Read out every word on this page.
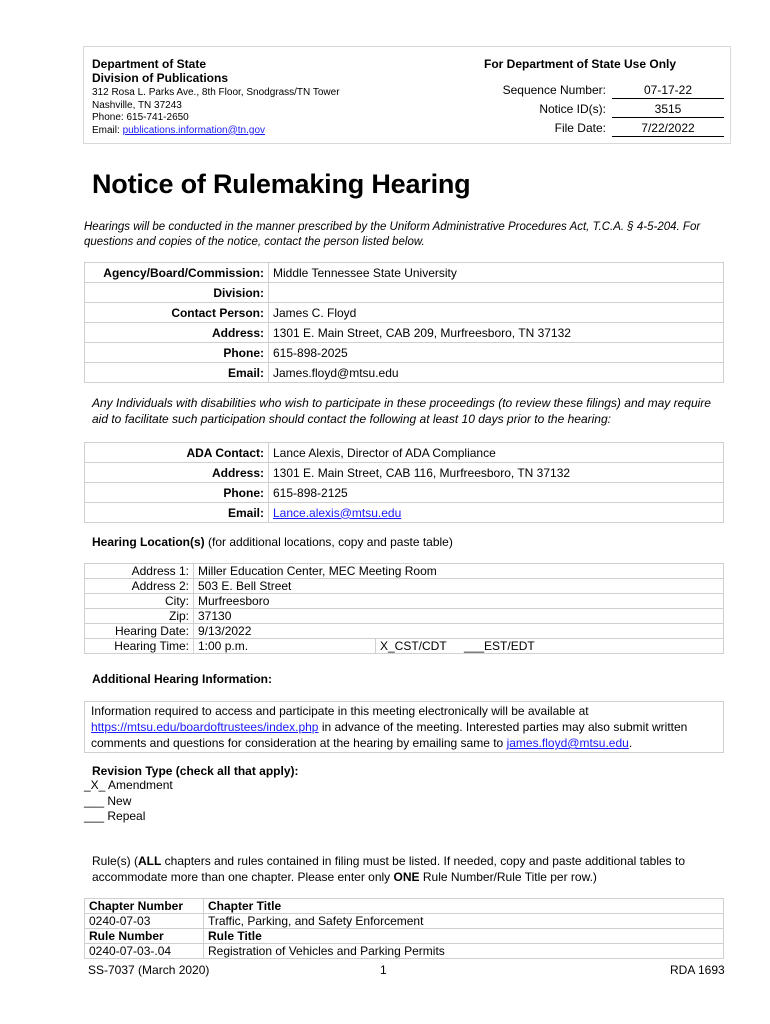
Department of State
Division of Publications
312 Rosa L. Parks Ave., 8th Floor, Snodgrass/TN Tower
Nashville, TN 37243
Phone: 615-741-2650
Email: publications.information@tn.gov
For Department of State Use Only
Sequence Number:	07-17-22
Notice ID(s):	3515
File Date:	7/22/2022
Notice of Rulemaking Hearing
Hearings will be conducted in the manner prescribed by the Uniform Administrative Procedures Act, T.C.A. § 4-5-204. For questions and copies of the notice, contact the person listed below.
Agency/Board/Commission:	Middle Tennessee State University
Division:	
Contact Person:	James C. Floyd
Address:	1301 E. Main Street, CAB 209, Murfreesboro, TN 37132
Phone:	615-898-2025
Email:	James.floyd@mtsu.edu
Any Individuals with disabilities who wish to participate in these proceedings (to review these filings) and may require aid to facilitate such participation should contact the following at least 10 days prior to the hearing:
ADA Contact:	Lance Alexis, Director of ADA Compliance
Address:	1301 E. Main Street, CAB 116, Murfreesboro, TN 37132
Phone:	615-898-2125
Email:	Lance.alexis@mtsu.edu
Hearing Location(s) (for additional locations, copy and paste table)
Address 1:	Miller Education Center, MEC Meeting Room		
Address 2:	503 E. Bell Street		
City:	Murfreesboro		
Zip:	37130		
Hearing Date:	9/13/2022		
Hearing Time:	1:00 p.m.	X_CST/CDT	___EST/EDT
Additional Hearing Information:
Information required to access and participate in this meeting electronically will be available at
https://mtsu.edu/boardoftrustees/index.php in advance of the meeting. Interested parties may also submit written comments and questions for consideration at the hearing by emailing same to james.floyd@mtsu.edu.
Revision Type (check all that apply):
_X_ Amendment
___ New
___ Repeal
Rule(s) (ALL chapters and rules contained in filing must be listed. If needed, copy and paste additional tables to accommodate more than one chapter. Please enter only ONE Rule Number/Rule Title per row.)
Chapter Number	Chapter Title
0240-07-03	Traffic, Parking, and Safety Enforcement
Rule Number	Rule Title
0240-07-03-.04	Registration of Vehicles and Parking Permits
SS-7037 (March 2020)	1	RDA 1693
